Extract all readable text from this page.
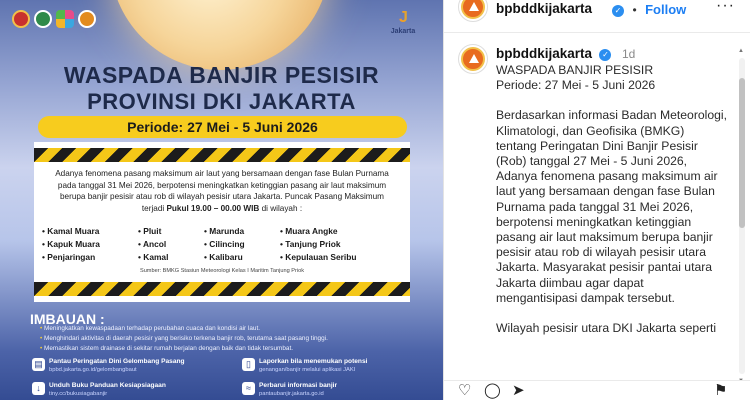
J
Jakarta
WASPADA BANJIR PESISIR
PROVINSI DKI JAKARTA
Periode: 27 Mei - 5 Juni 2026
Adanya fenomena pasang maksimum air laut yang bersamaan dengan fase Bulan Purnama pada tanggal 31 Mei 2026, berpotensi meningkatkan ketinggian pasang air laut maksimum berupa banjir pesisir atau rob di wilayah pesisir utara Jakarta. Puncak Pasang Maksimum terjadi Pukul 19.00 – 00.00 WIB di wilayah :
• Kamal Muara	• Pluit	• Marunda	• Muara Angke
• Kapuk Muara	• Ancol	• Cilincing	• Tanjung Priok
• Penjaringan	• Kamal	• Kalibaru	• Kepulauan Seribu
Sumber: BMKG Stasiun Meteorologi Kelas I Maritim Tanjung Priok
IMBAUAN :
• Meningkatkan kewaspadaan terhadap perubahan cuaca dan kondisi air laut.
• Menghindari aktivitas di daerah pesisir yang berisiko terkena banjir rob, terutama saat pasang tinggi.
• Memastikan sistem drainase di sekitar rumah berjalan dengan baik dan tidak tersumbat.
▤ Pantau Peringatan Dini Gelombang Pasang
bpbd.jakarta.go.id/gelombangbaut
▯	Laporkan bila menemukan potensi
genangan/banjir melalui aplikasi JAKI
↓	Unduh Buku Panduan Kesiapsiagaan
tiny.cc/bukusiagabanjir
≈	Perbarui informasi banjir
pantaubanjir.jakarta.go.id
bpbddkijakarta	✓ • Follow ···
bpbddkijakarta ✓ 1d
WASPADA BANJIR PESISIR

Periode: 27 Mei - 5 Juni 2026

Berdasarkan informasi Badan Meteorologi, Klimatologi, dan Geofisika (BMKG) tentang Peringatan Dini Banjir Pesisir (Rob) tanggal 27 Mei - 5 Juni 2026, Adanya fenomena pasang maksimum air laut yang bersamaan dengan fase Bulan Purnama pada tanggal 31 Mei 2026, berpotensi meningkatkan ketinggian pasang air laut maksimum berupa banjir pesisir atau rob di wilayah pesisir utara Jakarta. Masyarakat pesisir pantai utara Jakarta diimbau agar dapat mengantisipasi dampak tersebut.

Wilayah pesisir utara DKI Jakarta seperti

▲
♡ ◯ ➤	⚑
